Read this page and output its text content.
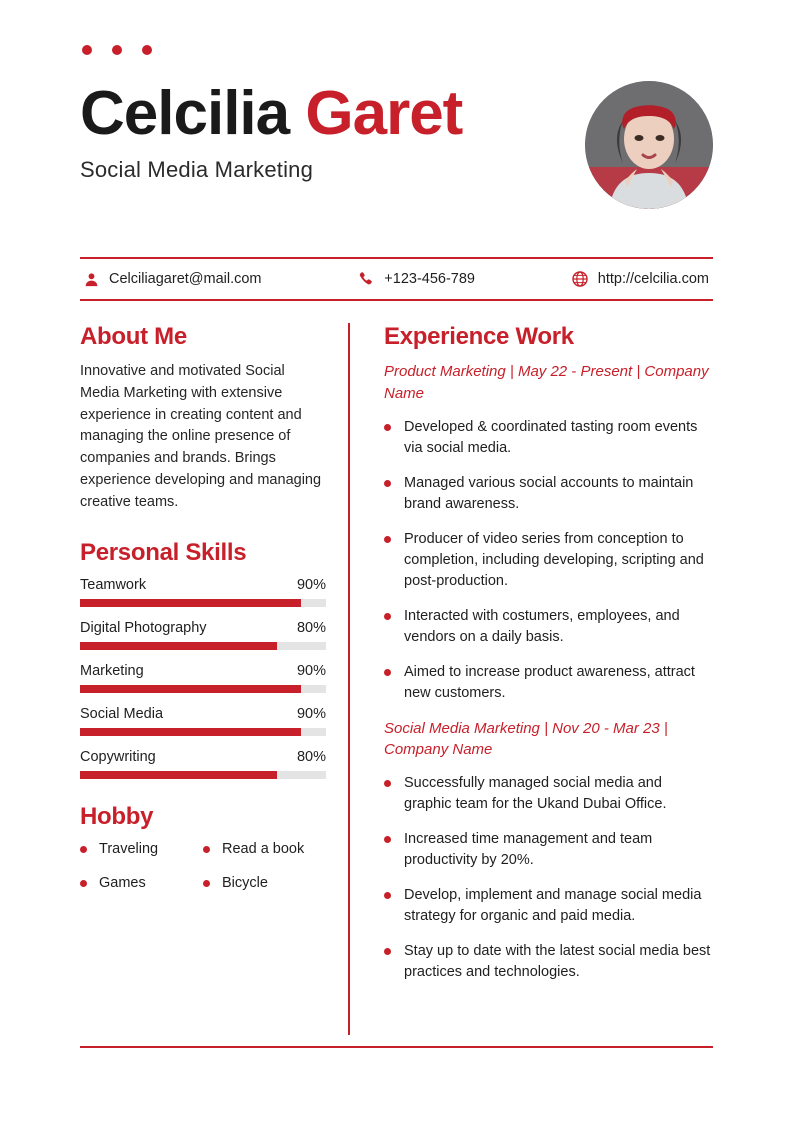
Celcilia Garet
Social Media Marketing
Celciliagaret@mail.com	+123-456-789	http://celcilia.com
About Me

Innovative and motivated Social Media Marketing with extensive experience in creating content and managing the online presence of companies and brands. Brings experience developing and managing creative teams.

Personal Skills
Teamwork	90%
Digital Photography	80%
Marketing	90%
Social Media	90%
Copywriting	80%
Hobby
Traveling	Read a book
Games	Bicycle
Experience Work
Product Marketing | May 22 - Present | Company Name
Developed & coordinated tasting room events via social media.
Managed various social accounts to maintain brand awareness.
Producer of video series from conception to completion, including developing, scripting and post-production.
Interacted with costumers, employees, and vendors on a daily basis.
Aimed to increase product awareness, attract new customers.
Social Media Marketing | Nov 20 - Mar 23 | Company Name
Successfully managed social media and graphic team for the Ukand Dubai Office.
Increased time management and team productivity by 20%.
Develop, implement and manage social media strategy for organic and paid media.
Stay up to date with the latest social media best practices and technologies.
